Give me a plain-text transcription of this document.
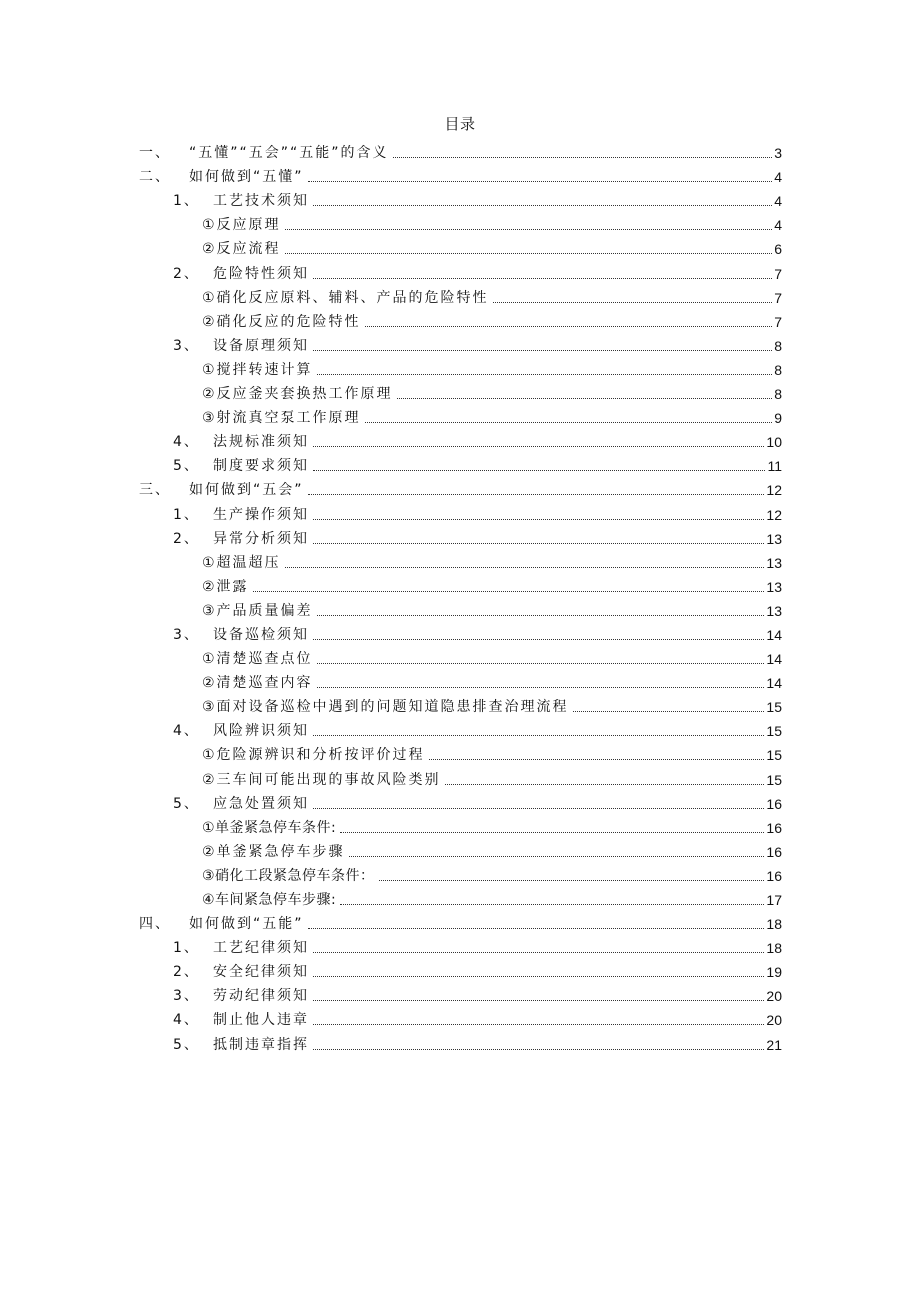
目录
一、	“五懂”“五会”“五能”的含义	3
二、	如何做到“五懂”	4
1、 工艺技术须知	4
①反应原理	4
②反应流程	6
2、 危险特性须知	7
①硝化反应原料、辅料、产品的危险特性	7
②硝化反应的危险特性	7
3、 设备原理须知	8
①搅拌转速计算	8
②反应釜夹套换热工作原理	8
③射流真空泵工作原理	9
4、 法规标准须知	10
5、 制度要求须知	11
三、	如何做到“五会”	12
1、 生产操作须知	12
2、 异常分析须知	13
①超温超压	13
②泄露	13
③产品质量偏差	13
3、 设备巡检须知	14
①清楚巡查点位	14
②清楚巡查内容	14
③面对设备巡检中遇到的问题知道隐患排查治理流程	15
4、 风险辨识须知	15
①危险源辨识和分析按评价过程	15
②三车间可能出现的事故风险类别	15
5、 应急处置须知	16
①单釜紧急停车条件:	16
②单釜紧急停车步骤	16
③硝化工段紧急停车条件：	16
④车间紧急停车步骤:	17
四、	如何做到“五能”	18
1、 工艺纪律须知	18
2、 安全纪律须知	19
3、 劳动纪律须知	20
4、 制止他人违章	20
5、 抵制违章指挥	21
